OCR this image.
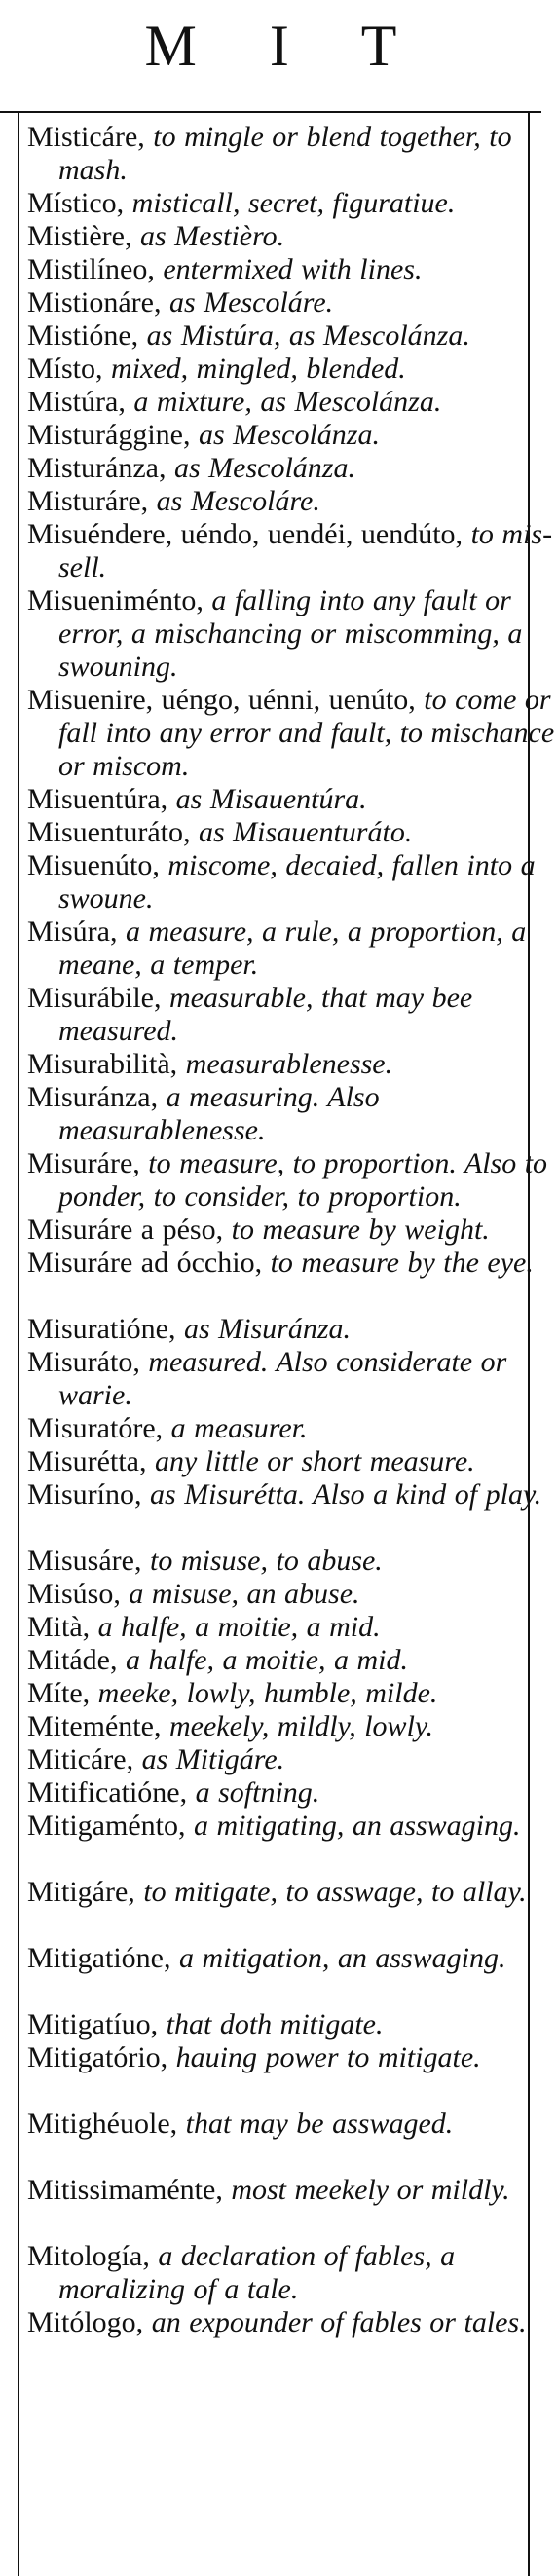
M I T
Misticáre, to mingle or blend together, to mash.
Místico, misticall, secret, figuratiue.
Mistière, as Mestièro.
Mistilíneo, entermixed with lines.
Mistionáre, as Mescoláre.
Mistióne, as Mistúra, as Mescolánza.
Místo, mixed, mingled, blended.
Mistúra, a mixture, as Mescolánza.
Misturággine, as Mescolánza.
Misturánza, as Mescolánza.
Misturáre, as Mescoláre.
Misuéndere, uéndo, uendéi, uendúto, to mis-sell.
Misueniménto, a falling into any fault or error, a mischancing or miscomming, a swouning.
Misuenire, uéngo, uénni, uenúto, to come or fall into any error and fault, to mischance or miscom.
Misuentúra, as Misauentúra.
Misuenturáto, as Misauenturáto.
Misuenúto, miscome, decaied, fallen into a swoune.
Misúra, a measure, a rule, a proportion, a meane, a temper.
Misurábile, measurable, that may bee measured.
Misurabilità, measurablenesse.
Misuránza, a measuring. Also measurablenesse.
Misuráre, to measure, to proportion. Also to ponder, to consider, to proportion.
Misuráre a péso, to measure by weight.
Misuráre ad ócchio, to measure by the eye.
Misuratióne, as Misuránza.
Misuráto, measured. Also considerate or warie.
Misuratóre, a measurer.
Misurétta, any little or short measure.
Misuríno, as Misurétta. Also a kind of play.
Misusáre, to misuse, to abuse.
Misúso, a misuse, an abuse.
Mità, a halfe, a moitie, a mid.
Mitáde, a halfe, a moitie, a mid.
Míte, meeke, lowly, humble, milde.
Miteménte, meekely, mildly, lowly.
Miticáre, as Mitigáre.
Mitificatióne, a softning.
Mitigaménto, a mitigating, an asswaging.
Mitigáre, to mitigate, to asswage, to allay.
Mitigatióne, a mitigation, an asswaging.
Mitigatíuo, that doth mitigate.
Mitigatório, hauing power to mitigate.
Mitighéuole, that may be asswaged.
Mitissimaménte, most meekely or mildly.
Mitología, a declaration of fables, a moralizing of a tale.
Mitólogo, an expounder of fables or tales.
